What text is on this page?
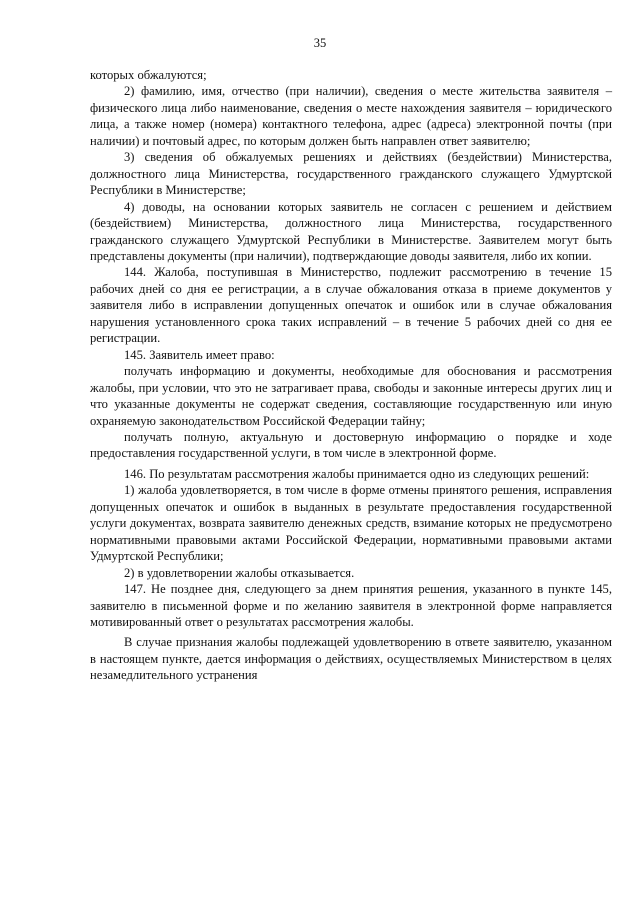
35

которых обжалуются;

2) фамилию, имя, отчество (при наличии), сведения о месте жительства заявителя – физического лица либо наименование, сведения о месте нахождения заявителя – юридического лица, а также номер (номера) контактного телефона, адрес (адреса) электронной почты (при наличии) и почтовый адрес, по которым должен быть направлен ответ заявителю;

3) сведения об обжалуемых решениях и действиях (бездействии) Министерства, должностного лица Министерства, государственного гражданского служащего Удмуртской Республики в Министерстве;

4) доводы, на основании которых заявитель не согласен с решением и действием (бездействием) Министерства, должностного лица Министерства, государственного гражданского служащего Удмуртской Республики в Министерстве. Заявителем могут быть представлены документы (при наличии), подтверждающие доводы заявителя, либо их копии.

144. Жалоба, поступившая в Министерство, подлежит рассмотрению в течение 15 рабочих дней со дня ее регистрации, а в случае обжалования отказа в приеме документов у заявителя либо в исправлении допущенных опечаток и ошибок или в случае обжалования нарушения установленного срока таких исправлений – в течение 5 рабочих дней со дня ее регистрации.

145. Заявитель имеет право:

получать информацию и документы, необходимые для обоснования и рассмотрения жалобы, при условии, что это не затрагивает права, свободы и законные интересы других лиц и что указанные документы не содержат сведения, составляющие государственную или иную охраняемую законодательством Российской Федерации тайну;

получать полную, актуальную и достоверную информацию о порядке и ходе предоставления государственной услуги, в том числе в электронной форме.

146. По результатам рассмотрения жалобы принимается одно из следующих решений:

1) жалоба удовлетворяется, в том числе в форме отмены принятого решения, исправления допущенных опечаток и ошибок в выданных в результате предоставления государственной услуги документах, возврата заявителю денежных средств, взимание которых не предусмотрено нормативными правовыми актами Российской Федерации, нормативными правовыми актами Удмуртской Республики;

2) в удовлетворении жалобы отказывается.

147. Не позднее дня, следующего за днем принятия решения, указанного в пункте 145, заявителю в письменной форме и по желанию заявителя в электронной форме направляется мотивированный ответ о результатах рассмотрения жалобы.

В случае признания жалобы подлежащей удовлетворению в ответе заявителю, указанном в настоящем пункте, дается информация о действиях, осуществляемых Министерством в целях незамедлительного устранения
